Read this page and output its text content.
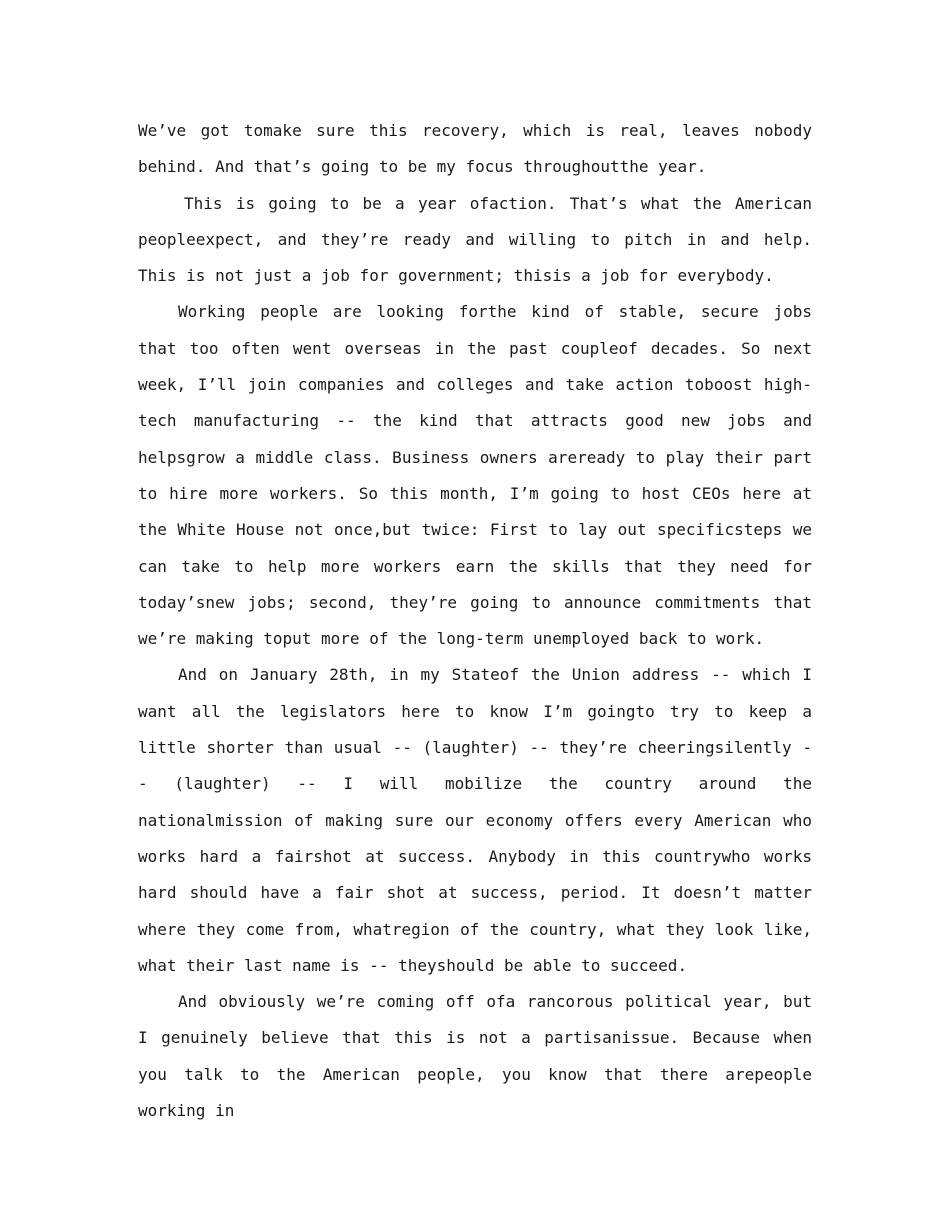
We’ve got tomake sure this recovery, which is real, leaves nobody behind. And that’s going to be my focus throughoutthe year.

This is going to be a year ofaction. That’s what the American peopleexpect, and they’re ready and willing to pitch in and help. This is not just a job for government; thisis a job for everybody.

Working people are looking forthe kind of stable, secure jobs that too often went overseas in the past coupleof decades. So next week, I’ll join companies and colleges and take action toboost high-tech manufacturing -- the kind that attracts good new jobs and helpsgrow a middle class. Business owners areready to play their part to hire more workers. So this month, I’m going to host CEOs here at the White House not once,but twice: First to lay out specificsteps we can take to help more workers earn the skills that they need for today’snew jobs; second, they’re going to announce commitments that we’re making toput more of the long-term unemployed back to work.

And on January 28th, in my Stateof the Union address -- which I want all the legislators here to know I’m goingto try to keep a little shorter than usual -- (laughter) -- they’re cheeringsilently -- (laughter) -- I will mobilize the country around the nationalmission of making sure our economy offers every American who works hard a fairshot at success. Anybody in this countrywho works hard should have a fair shot at success, period. It doesn’t matter where they come from, whatregion of the country, what they look like, what their last name is -- theyshould be able to succeed.

And obviously we’re coming off ofa rancorous political year, but I genuinely believe that this is not a partisanissue. Because when you talk to the American people, you know that there arepeople working in
